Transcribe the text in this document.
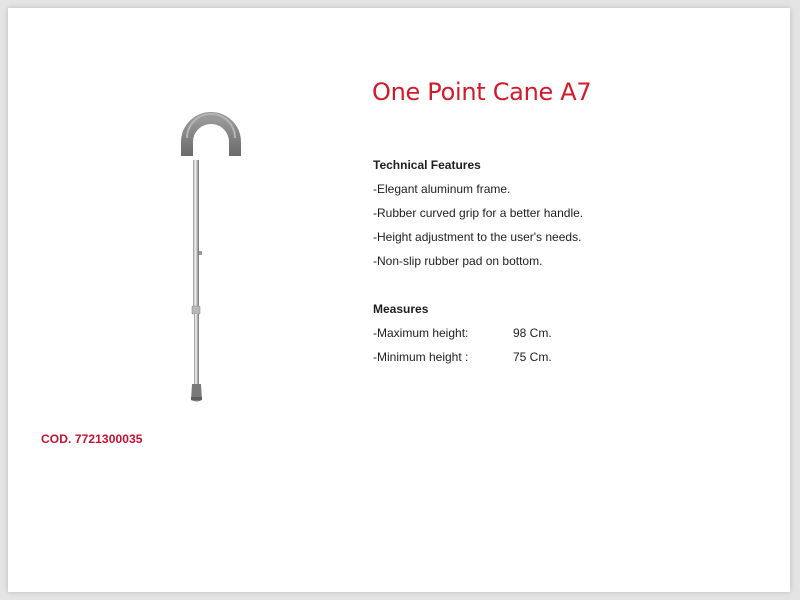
COD. 7721300035
One Point Cane A7
Technical Features
-Elegant aluminum frame.
-Rubber curved grip for a better handle.
-Height adjustment to the user's needs.
-Non-slip rubber pad on bottom.
Measures
-Maximum height:	98 Cm.
-Minimum height :	75 Cm.
